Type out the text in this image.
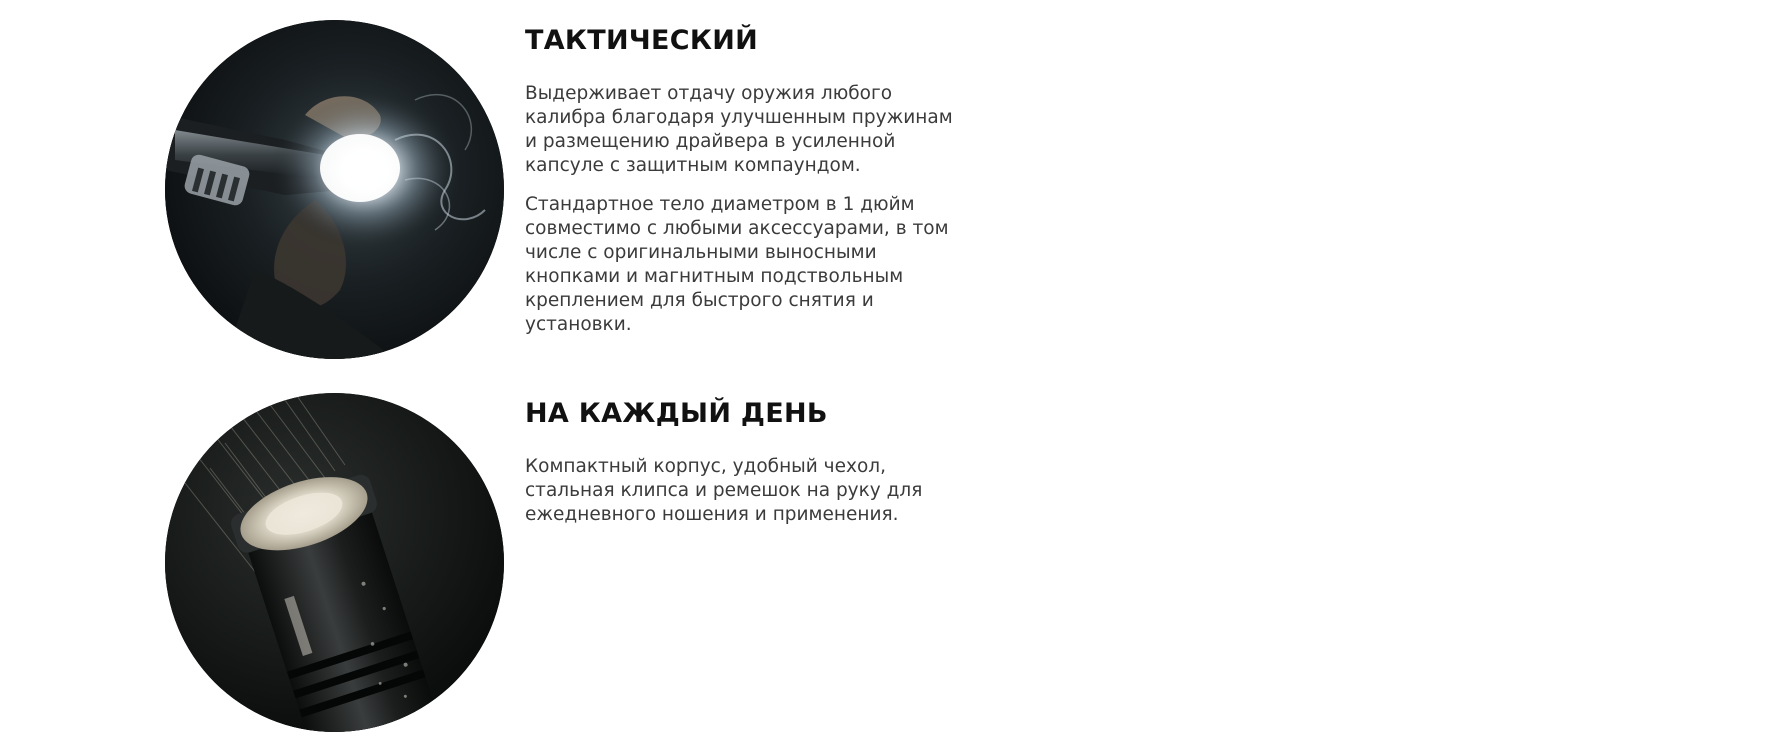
ТАКТИЧЕСКИЙ

Выдерживает отдачу оружия любого калибра благодаря улучшенным пружинам и размещению драйвера в усиленной капсуле с защитным компаундом.

Стандартное тело диаметром в 1 дюйм совместимо с любыми аксессуарами, в том числе с оригинальными выносными кнопками и магнитным подствольным креплением для быстрого снятия и установки.

НА КАЖДЫЙ ДЕНЬ

Компактный корпус, удобный чехол, стальная клипса и ремешок на руку для ежедневного ношения и применения.
